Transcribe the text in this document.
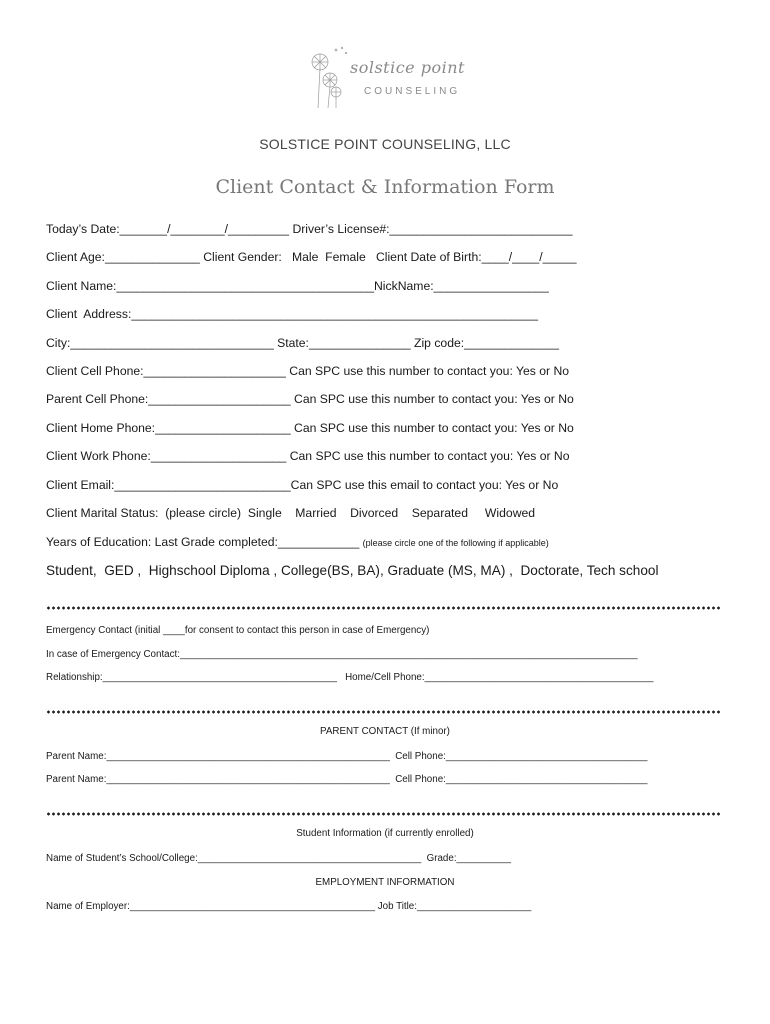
solstice point
COUNSELING
SOLSTICE POINT COUNSELING, LLC
Client Contact & Information Form
Today’s Date:_______/________/_________ Driver’s License#:___________________________
Client Age:______________ Client Gender:   Male  Female   Client Date of Birth:____/____/_____
Client Name:______________________________________NickName:_________________
Client  Address:____________________________________________________________
City:______________________________ State:_______________ Zip code:______________
Client Cell Phone:_____________________ Can SPC use this number to contact you: Yes or No
Parent Cell Phone:_____________________ Can SPC use this number to contact you: Yes or No
Client Home Phone:____________________ Can SPC use this number to contact you: Yes or No
Client Work Phone:____________________ Can SPC use this number to contact you: Yes or No
Client Email:__________________________Can SPC use this email to contact you: Yes or No
Client Marital Status:  (please circle)  Single    Married    Divorced    Separated     Widowed
Years of Education: Last Grade completed:____________ (please circle one of the following if applicable)
Student,  GED ,  Highschool Diploma , College(BS, BA), Graduate (MS, MA) ,  Doctorate, Tech school
Emergency Contact (initial ____for consent to contact this person in case of Emergency)
In case of Emergency Contact:____________________________________________________________________________________
Relationship:___________________________________________   Home/Cell Phone:__________________________________________
PARENT CONTACT (If minor)
Parent Name:____________________________________________________  Cell Phone:_____________________________________
Parent Name:____________________________________________________  Cell Phone:_____________________________________
Student Information (if currently enrolled)
Name of Student’s School/College:_________________________________________  Grade:__________
EMPLOYMENT INFORMATION
Name of Employer:_____________________________________________ Job Title:_____________________
